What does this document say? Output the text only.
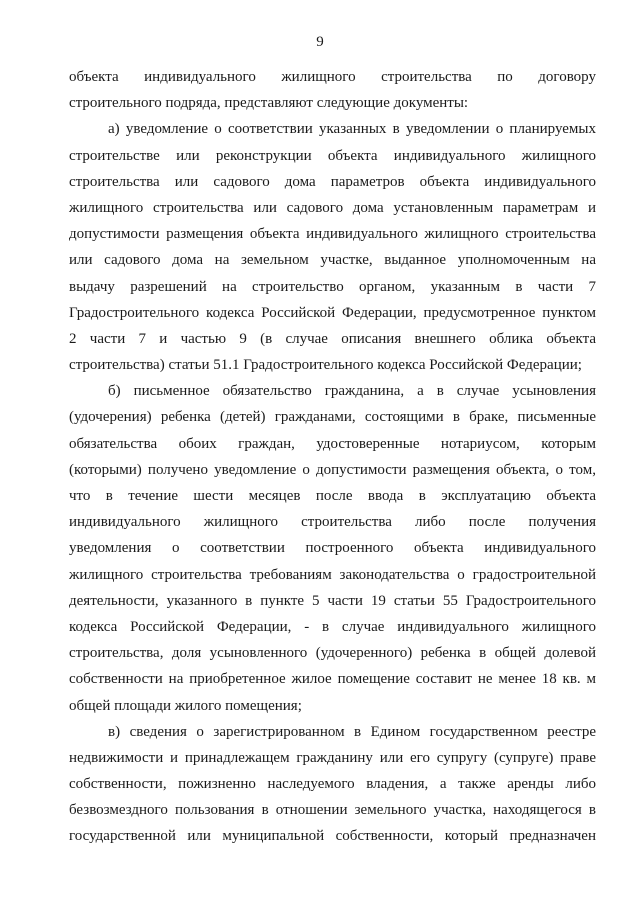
9
объекта индивидуального жилищного строительства по договору
строительного подряда, представляют следующие документы:
а) уведомление о соответствии указанных в уведомлении о планируемых
строительстве или реконструкции объекта индивидуального жилищного
строительства или садового дома параметров объекта индивидуального
жилищного строительства или садового дома установленным параметрам и
допустимости размещения объекта индивидуального жилищного строительства
или садового дома на земельном участке, выданное уполномоченным на
выдачу разрешений на строительство органом, указанным в части 7
Градостроительного кодекса Российской Федерации, предусмотренное пунктом
2 части 7 и частью 9 (в случае описания внешнего облика объекта
строительства) статьи 51.1 Градостроительного кодекса Российской Федерации;
б) письменное обязательство гражданина, а в случае усыновления
(удочерения) ребенка (детей) гражданами, состоящими в браке, письменные
обязательства обоих граждан, удостоверенные нотариусом, которым
(которыми) получено уведомление о допустимости размещения объекта, о том,
что в течение шести месяцев после ввода в эксплуатацию объекта
индивидуального жилищного строительства либо после получения
уведомления о соответствии построенного объекта индивидуального
жилищного строительства требованиям законодательства о градостроительной
деятельности, указанного в пункте 5 части 19 статьи 55 Градостроительного
кодекса Российской Федерации, - в случае индивидуального жилищного
строительства, доля усыновленного (удочеренного) ребенка в общей долевой
собственности на приобретенное жилое помещение составит не менее 18 кв. м
общей площади жилого помещения;
в) сведения о зарегистрированном в Едином государственном реестре
недвижимости и принадлежащем гражданину или его супругу (супруге) праве
собственности, пожизненно наследуемого владения, а также аренды либо
безвозмездного пользования в отношении земельного участка, находящегося в
государственной или муниципальной собственности, который предназначен
